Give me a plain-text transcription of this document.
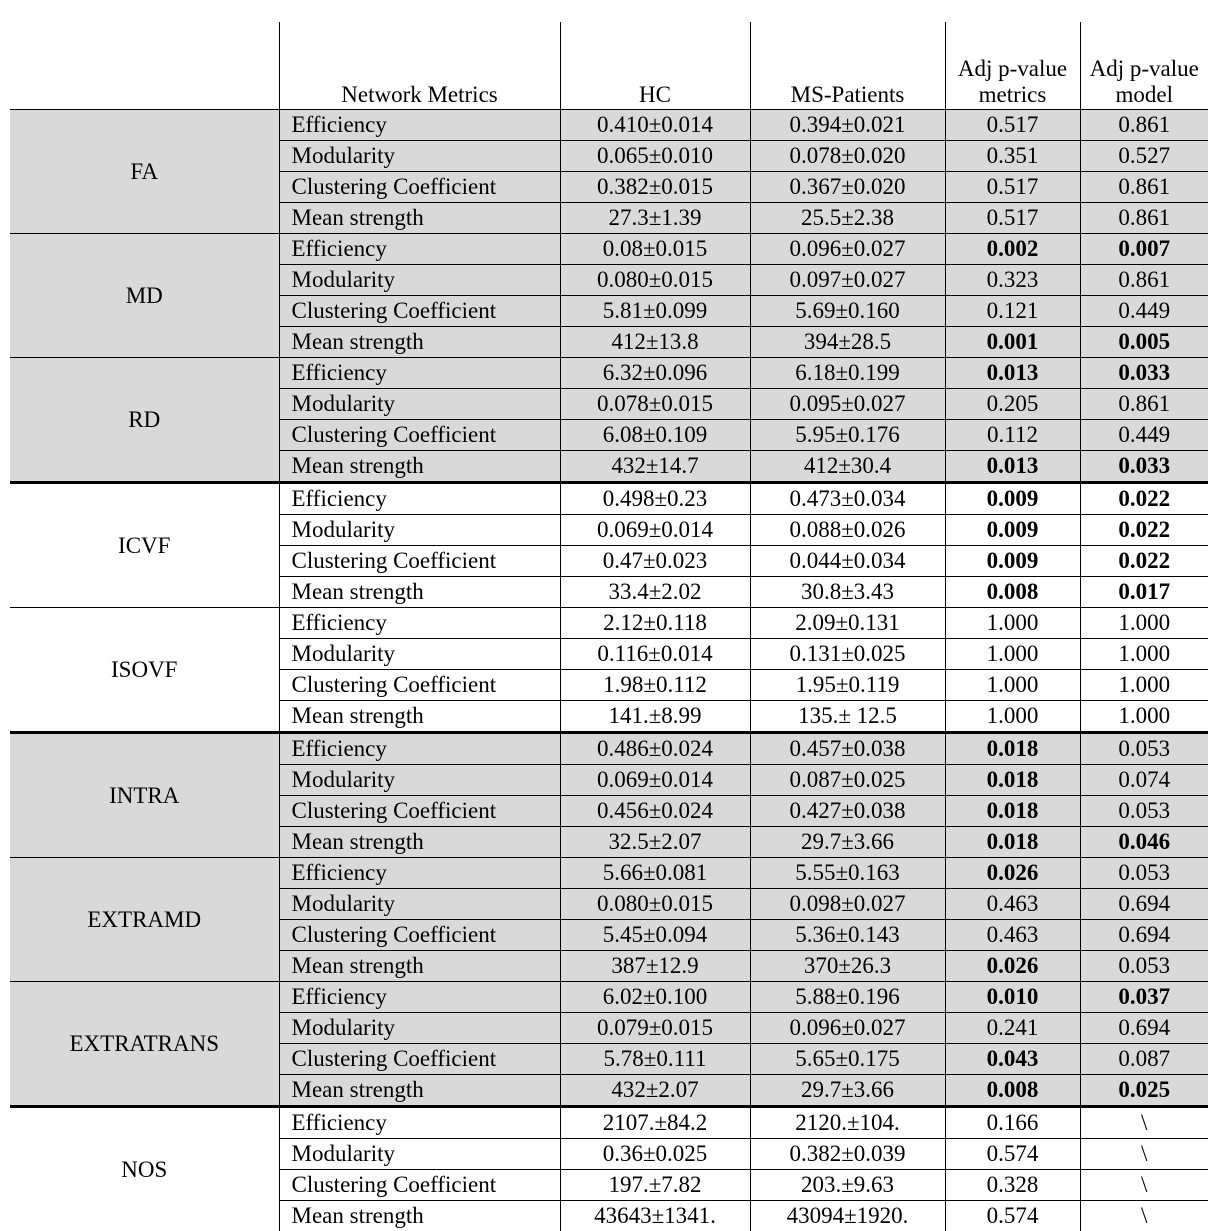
	Network Metrics	HC	MS-Patients	Adj p-value metrics	Adj p-value model
FA	Efficiency	0.410±0.014	0.394±0.021	0.517	0.861
	Modularity	0.065±0.010	0.078±0.020	0.351	0.527
	Clustering Coefficient	0.382±0.015	0.367±0.020	0.517	0.861
	Mean strength	27.3±1.39	25.5±2.38	0.517	0.861
MD	Efficiency	0.08±0.015	0.096±0.027	0.002	0.007
	Modularity	0.080±0.015	0.097±0.027	0.323	0.861
	Clustering Coefficient	5.81±0.099	5.69±0.160	0.121	0.449
	Mean strength	412±13.8	394±28.5	0.001	0.005
RD	Efficiency	6.32±0.096	6.18±0.199	0.013	0.033
	Modularity	0.078±0.015	0.095±0.027	0.205	0.861
	Clustering Coefficient	6.08±0.109	5.95±0.176	0.112	0.449
	Mean strength	432±14.7	412±30.4	0.013	0.033
ICVF	Efficiency	0.498±0.23	0.473±0.034	0.009	0.022
	Modularity	0.069±0.014	0.088±0.026	0.009	0.022
	Clustering Coefficient	0.47±0.023	0.044±0.034	0.009	0.022
	Mean strength	33.4±2.02	30.8±3.43	0.008	0.017
ISOVF	Efficiency	2.12±0.118	2.09±0.131	1.000	1.000
	Modularity	0.116±0.014	0.131±0.025	1.000	1.000
	Clustering Coefficient	1.98±0.112	1.95±0.119	1.000	1.000
	Mean strength	141.±8.99	135.± 12.5	1.000	1.000
INTRA	Efficiency	0.486±0.024	0.457±0.038	0.018	0.053
	Modularity	0.069±0.014	0.087±0.025	0.018	0.074
	Clustering Coefficient	0.456±0.024	0.427±0.038	0.018	0.053
	Mean strength	32.5±2.07	29.7±3.66	0.018	0.046
EXTRAMD	Efficiency	5.66±0.081	5.55±0.163	0.026	0.053
	Modularity	0.080±0.015	0.098±0.027	0.463	0.694
	Clustering Coefficient	5.45±0.094	5.36±0.143	0.463	0.694
	Mean strength	387±12.9	370±26.3	0.026	0.053
EXTRATRANS	Efficiency	6.02±0.100	5.88±0.196	0.010	0.037
	Modularity	0.079±0.015	0.096±0.027	0.241	0.694
	Clustering Coefficient	5.78±0.111	5.65±0.175	0.043	0.087
	Mean strength	432±2.07	29.7±3.66	0.008	0.025
NOS	Efficiency	2107.±84.2	2120.±104.	0.166	\
	Modularity	0.36±0.025	0.382±0.039	0.574	\
	Clustering Coefficient	197.±7.82	203.±9.63	0.328	\
	Mean strength	43643±1341.	43094±1920.	0.574	\
